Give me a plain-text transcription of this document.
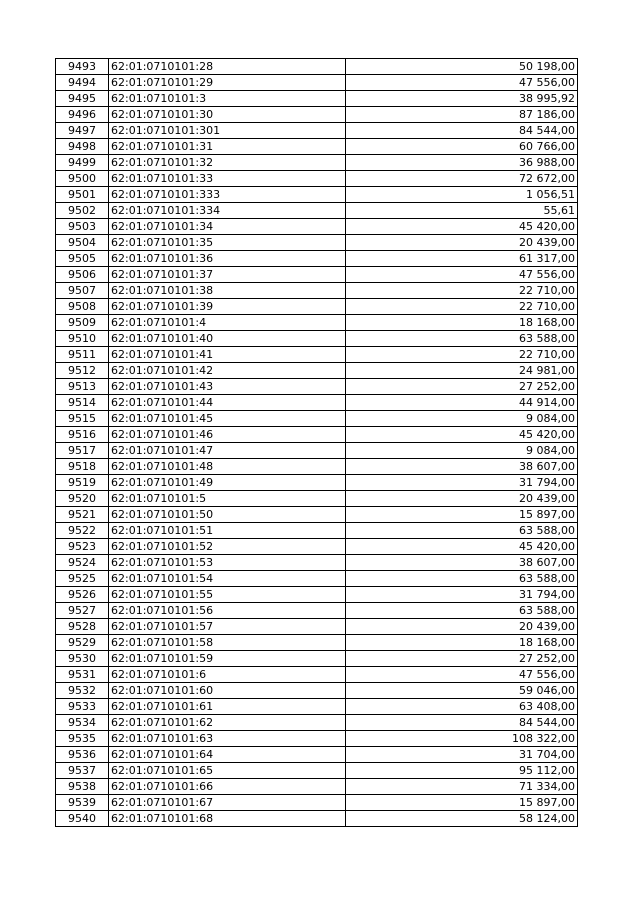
9493	62:01:0710101:28	50 198,00
9494	62:01:0710101:29	47 556,00
9495	62:01:0710101:3	38 995,92
9496	62:01:0710101:30	87 186,00
9497	62:01:0710101:301	84 544,00
9498	62:01:0710101:31	60 766,00
9499	62:01:0710101:32	36 988,00
9500	62:01:0710101:33	72 672,00
9501	62:01:0710101:333	1 056,51
9502	62:01:0710101:334	55,61
9503	62:01:0710101:34	45 420,00
9504	62:01:0710101:35	20 439,00
9505	62:01:0710101:36	61 317,00
9506	62:01:0710101:37	47 556,00
9507	62:01:0710101:38	22 710,00
9508	62:01:0710101:39	22 710,00
9509	62:01:0710101:4	18 168,00
9510	62:01:0710101:40	63 588,00
9511	62:01:0710101:41	22 710,00
9512	62:01:0710101:42	24 981,00
9513	62:01:0710101:43	27 252,00
9514	62:01:0710101:44	44 914,00
9515	62:01:0710101:45	9 084,00
9516	62:01:0710101:46	45 420,00
9517	62:01:0710101:47	9 084,00
9518	62:01:0710101:48	38 607,00
9519	62:01:0710101:49	31 794,00
9520	62:01:0710101:5	20 439,00
9521	62:01:0710101:50	15 897,00
9522	62:01:0710101:51	63 588,00
9523	62:01:0710101:52	45 420,00
9524	62:01:0710101:53	38 607,00
9525	62:01:0710101:54	63 588,00
9526	62:01:0710101:55	31 794,00
9527	62:01:0710101:56	63 588,00
9528	62:01:0710101:57	20 439,00
9529	62:01:0710101:58	18 168,00
9530	62:01:0710101:59	27 252,00
9531	62:01:0710101:6	47 556,00
9532	62:01:0710101:60	59 046,00
9533	62:01:0710101:61	63 408,00
9534	62:01:0710101:62	84 544,00
9535	62:01:0710101:63	108 322,00
9536	62:01:0710101:64	31 704,00
9537	62:01:0710101:65	95 112,00
9538	62:01:0710101:66	71 334,00
9539	62:01:0710101:67	15 897,00
9540	62:01:0710101:68	58 124,00
